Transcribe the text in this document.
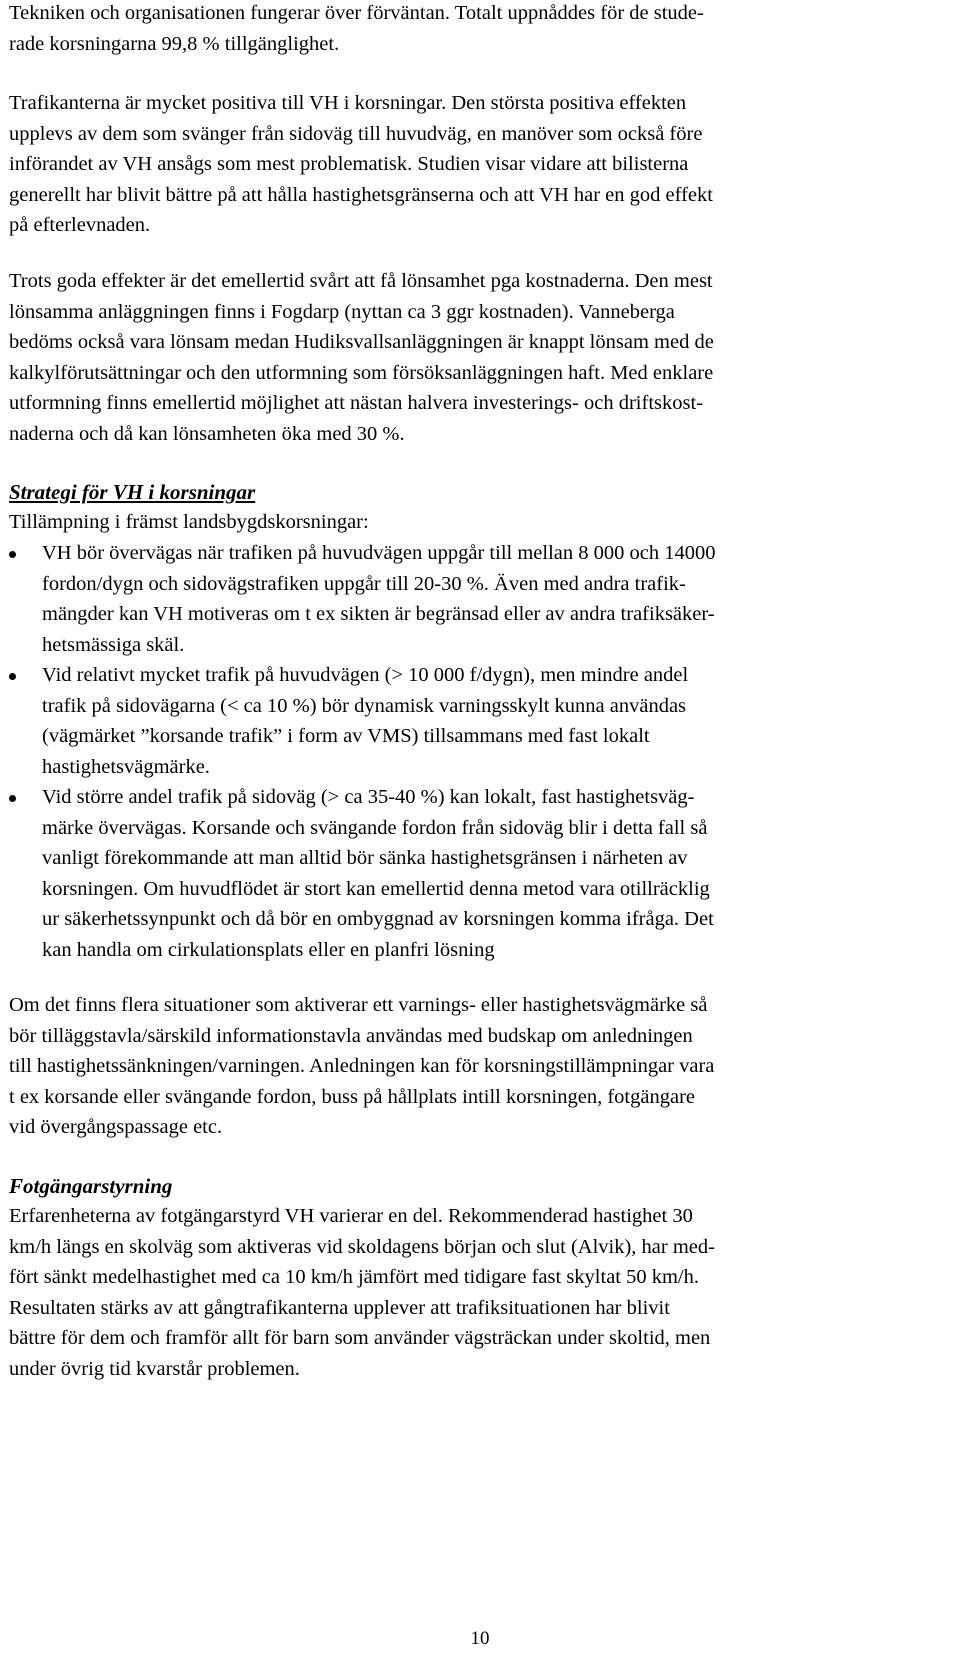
Tekniken och organisationen fungerar över förväntan. Totalt uppnåddes för de stude-
rade korsningarna 99,8 % tillgänglighet.
Trafikanterna är mycket positiva till VH i korsningar. Den största positiva effekten
upplevs av dem som svänger från sidoväg till huvudväg, en manöver som också före
införandet av VH ansågs som mest problematisk. Studien visar vidare att bilisterna
generellt har blivit bättre på att hålla hastighetsgränserna och att VH har en god effekt
på efterlevnaden.
Trots goda effekter är det emellertid svårt att få lönsamhet pga kostnaderna. Den mest
lönsamma anläggningen finns i Fogdarp (nyttan ca 3 ggr kostnaden). Vanneberga
bedöms också vara lönsam medan Hudiksvallsanläggningen är knappt lönsam med de
kalkylförutsättningar och den utformning som försöksanläggningen haft. Med enklare
utformning finns emellertid möjlighet att nästan halvera investerings- och driftskost-
naderna och då kan lönsamheten öka med 30 %.
Strategi för VH i korsningar
Tillämpning i främst landsbygdskorsningar:
VH bör övervägas när trafiken på huvudvägen uppgår till mellan 8 000 och 14000
fordon/dygn och sidovägstrafiken uppgår till 20-30 %. Även med andra trafik-
mängder kan VH motiveras om t ex sikten är begränsad eller av andra trafiksäker-
hetsmässiga skäl.
Vid relativt mycket trafik på huvudvägen (> 10 000 f/dygn), men mindre andel
trafik på sidovägarna (< ca 10 %) bör dynamisk varningsskylt kunna användas
(vägmärket ”korsande trafik” i form av VMS) tillsammans med fast lokalt
hastighetsvägmärke.
Vid större andel trafik på sidoväg (> ca 35-40 %) kan lokalt, fast hastighetsväg-
märke övervägas. Korsande och svängande fordon från sidoväg blir i detta fall så
vanligt förekommande att man alltid bör sänka hastighetsgränsen i närheten av
korsningen. Om huvudflödet är stort kan emellertid denna metod vara otillräcklig
ur säkerhetssynpunkt och då bör en ombyggnad av korsningen komma ifråga. Det
kan handla om cirkulationsplats eller en planfri lösning
Om det finns flera situationer som aktiverar ett varnings- eller hastighetsvägmärke så
bör tilläggstavla/särskild informationstavla användas med budskap om anledningen
till hastighetssänkningen/varningen. Anledningen kan för korsningstillämpningar vara
t ex korsande eller svängande fordon, buss på hållplats intill korsningen, fotgängare
vid övergångspassage etc.
Fotgängarstyrning
Erfarenheterna av fotgängarstyrd VH varierar en del. Rekommenderad hastighet 30
km/h längs en skolväg som aktiveras vid skoldagens början och slut (Alvik), har med-
fört sänkt medelhastighet med ca 10 km/h jämfört med tidigare fast skyltat 50 km/h.
Resultaten stärks av att gångtrafikanterna upplever att trafiksituationen har blivit
bättre för dem och framför allt för barn som använder vägsträckan under skoltid, men
under övrig tid kvarstår problemen.
10
